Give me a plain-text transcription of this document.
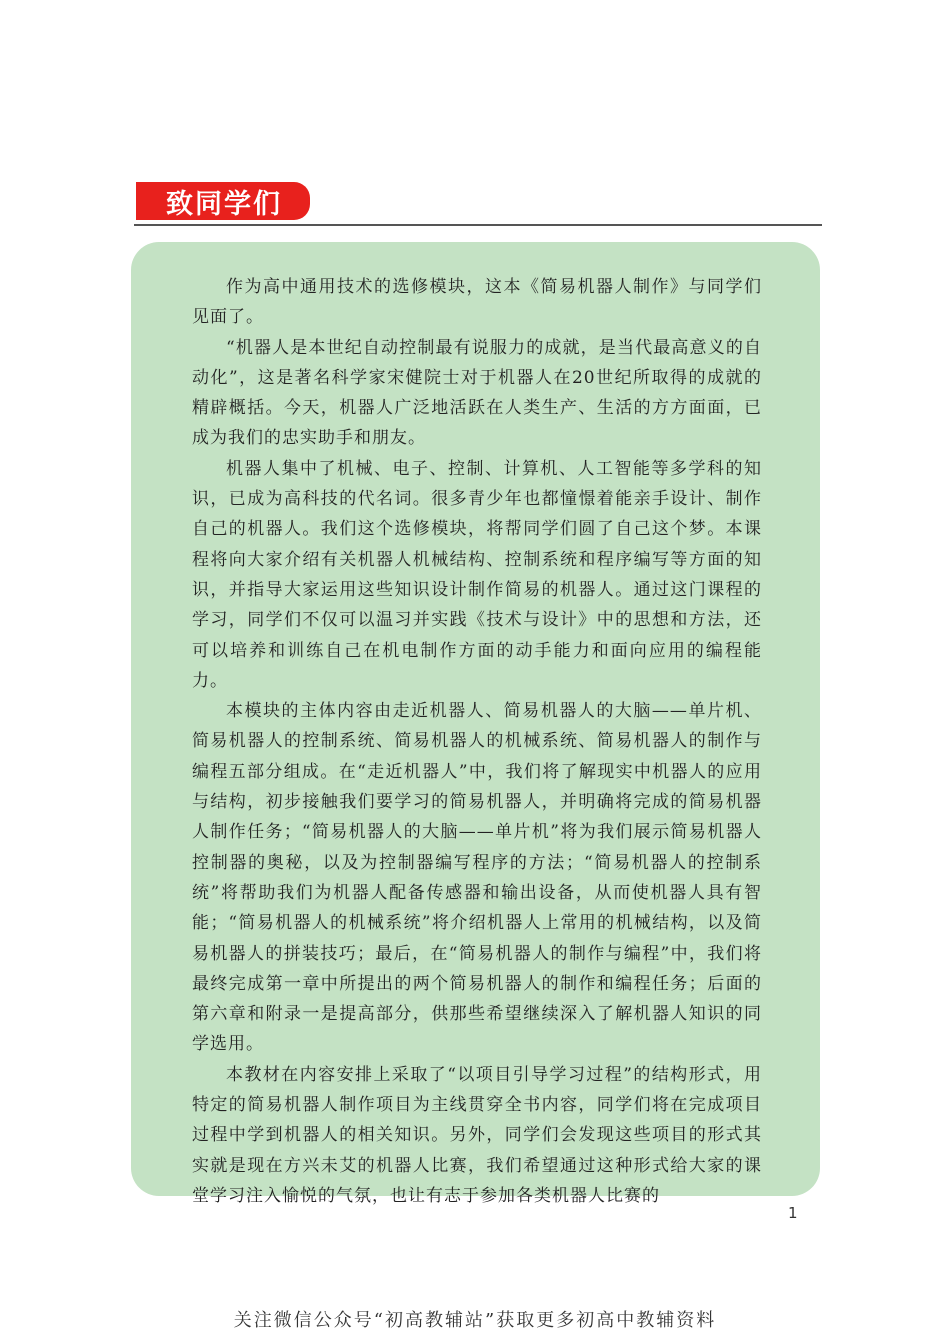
致同学们

作为高中通用技术的选修模块，这本《简易机器人制作》与同学们见面了。

“机器人是本世纪自动控制最有说服力的成就，是当代最高意义的自动化”，这是著名科学家宋健院士对于机器人在20世纪所取得的成就的精辟概括。今天，机器人广泛地活跃在人类生产、生活的方方面面，已成为我们的忠实助手和朋友。

机器人集中了机械、电子、控制、计算机、人工智能等多学科的知识，已成为高科技的代名词。很多青少年也都憧憬着能亲手设计、制作自己的机器人。我们这个选修模块，将帮同学们圆了自己这个梦。本课程将向大家介绍有关机器人机械结构、控制系统和程序编写等方面的知识，并指导大家运用这些知识设计制作简易的机器人。通过这门课程的学习，同学们不仅可以温习并实践《技术与设计》中的思想和方法，还可以培养和训练自己在机电制作方面的动手能力和面向应用的编程能力。

本模块的主体内容由走近机器人、简易机器人的大脑——单片机、简易机器人的控制系统、简易机器人的机械系统、简易机器人的制作与编程五部分组成。在“走近机器人”中，我们将了解现实中机器人的应用与结构，初步接触我们要学习的简易机器人，并明确将完成的简易机器人制作任务；“简易机器人的大脑——单片机”将为我们展示简易机器人控制器的奥秘，以及为控制器编写程序的方法；“简易机器人的控制系统”将帮助我们为机器人配备传感器和输出设备，从而使机器人具有智能；“简易机器人的机械系统”将介绍机器人上常用的机械结构，以及简易机器人的拼装技巧；最后，在“简易机器人的制作与编程”中，我们将最终完成第一章中所提出的两个简易机器人的制作和编程任务；后面的第六章和附录一是提高部分，供那些希望继续深入了解机器人知识的同学选用。

本教材在内容安排上采取了“以项目引导学习过程”的结构形式，用特定的简易机器人制作项目为主线贯穿全书内容，同学们将在完成项目过程中学到机器人的相关知识。另外，同学们会发现这些项目的形式其实就是现在方兴未艾的机器人比赛，我们希望通过这种形式给大家的课堂学习注入愉悦的气氛，也让有志于参加各类机器人比赛的

1
关注微信公众号“初高教辅站”获取更多初高中教辅资料
